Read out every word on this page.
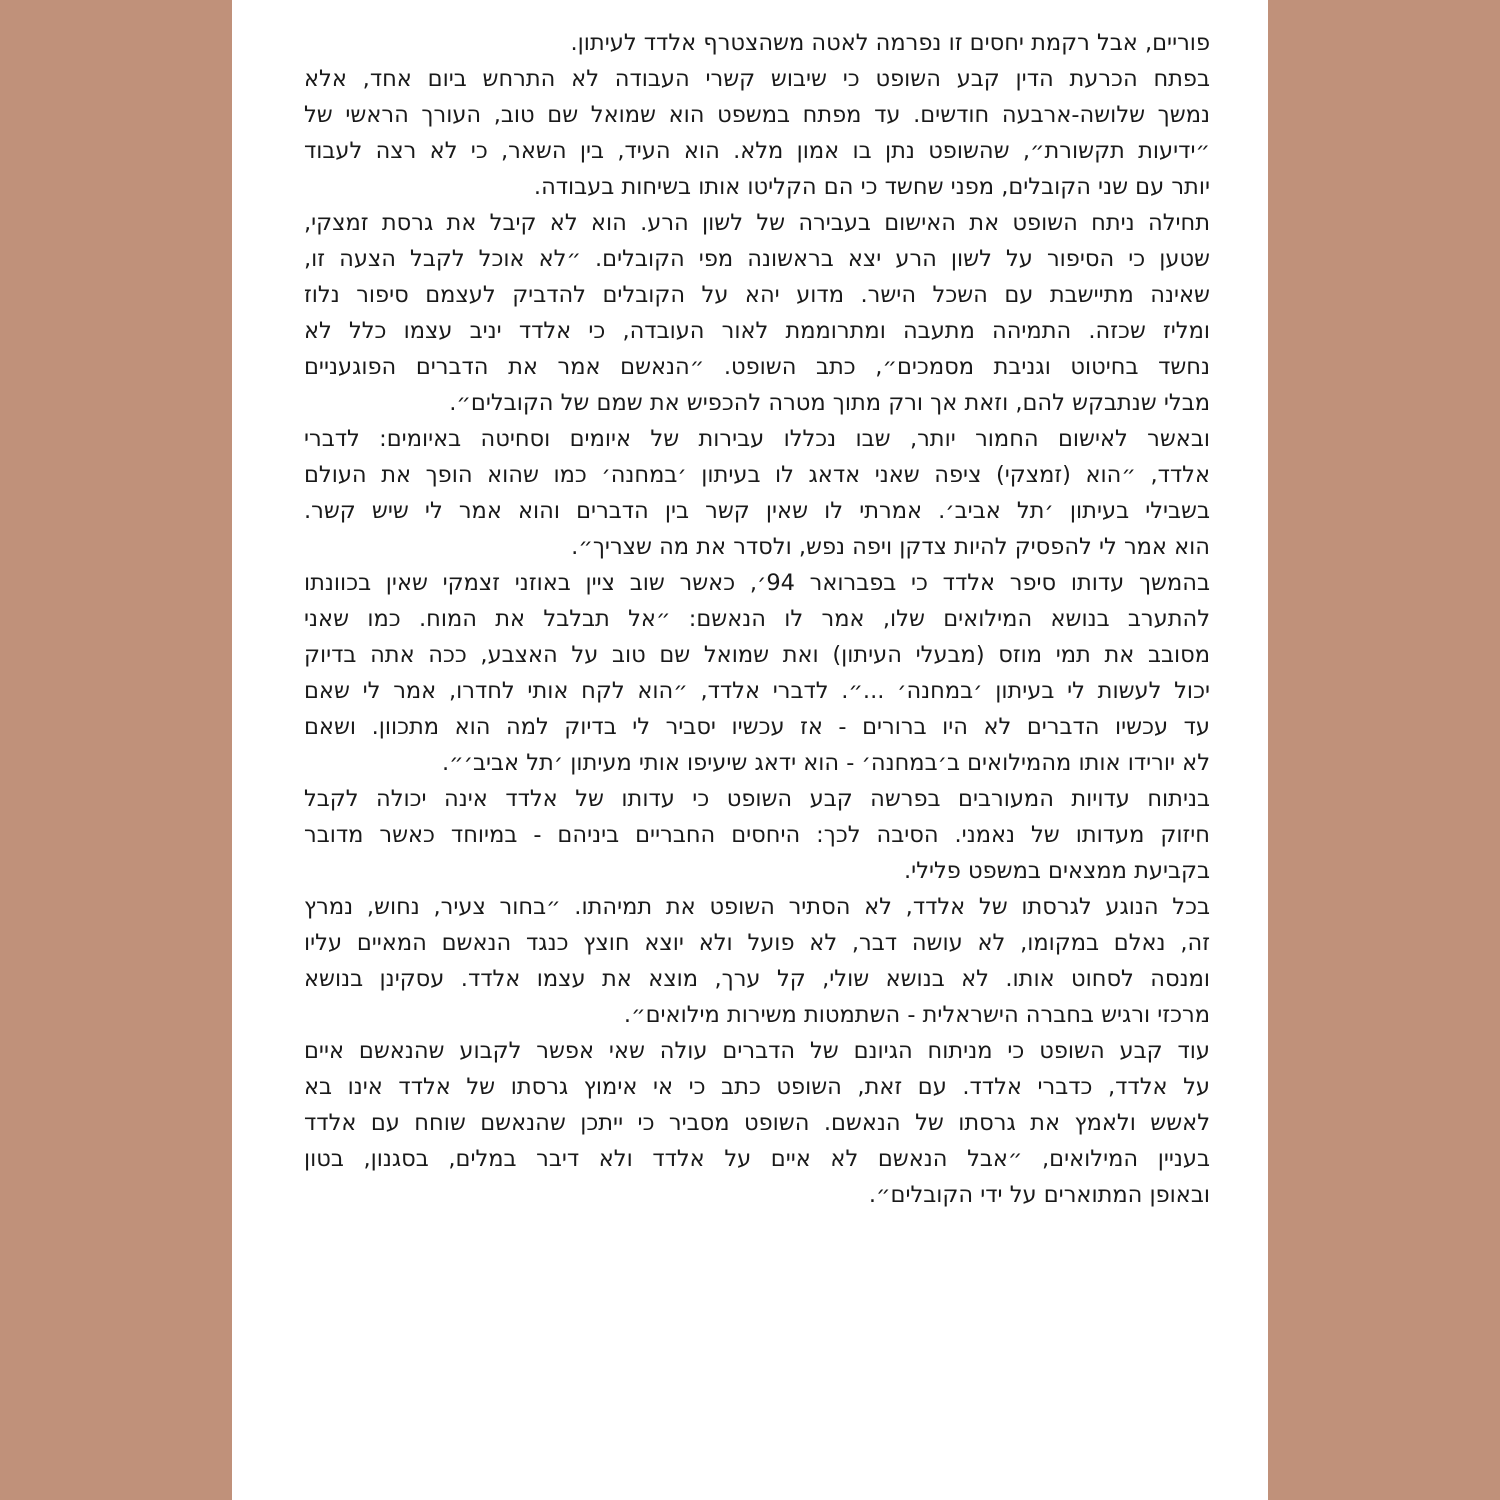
פוריים, אבל רקמת יחסים זו נפרמה לאטה משהצטרף אלדד לעיתון.
בפתח הכרעת הדין קבע השופט כי שיבוש קשרי העבודה לא התרחש ביום אחד, אלא
נמשך שלושה-ארבעה חודשים. עד מפתח במשפט הוא שמואל שם טוב, העורך הראשי של
״ידיעות תקשורת״, שהשופט נתן בו אמון מלא. הוא העיד, בין השאר, כי לא רצה לעבוד
יותר עם שני הקובלים, מפני שחשד כי הם הקליטו אותו בשיחות בעבודה.
תחילה ניתח השופט את האישום בעבירה של לשון הרע. הוא לא קיבל את גרסת זמצקי,
שטען כי הסיפור על לשון הרע יצא בראשונה מפי הקובלים. ״לא אוכל לקבל הצעה זו,
שאינה מתיישבת עם השכל הישר. מדוע יהא על הקובלים להדביק לעצמם סיפור נלוז
ומליז שכזה. התמיהה מתעבה ומתרוממת לאור העובדה, כי אלדד יניב עצמו כלל לא
נחשד בחיטוט וגניבת מסמכים״, כתב השופט. ״הנאשם אמר את הדברים הפוגעניים
מבלי שנתבקש להם, וזאת אך ורק מתוך מטרה להכפיש את שמם של הקובלים״.
ובאשר לאישום החמור יותר, שבו נכללו עבירות של איומים וסחיטה באיומים: לדברי
אלדד, ״הוא (זמצקי) ציפה שאני אדאג לו בעיתון ׳במחנה׳ כמו שהוא הופך את העולם
בשבילי בעיתון ׳תל אביב׳. אמרתי לו שאין קשר בין הדברים והוא אמר לי שיש קשר.
הוא אמר לי להפסיק להיות צדקן ויפה נפש, ולסדר את מה שצריך״.
בהמשך עדותו סיפר אלדד כי בפברואר 94׳, כאשר שוב ציין באוזני זצמקי שאין בכוונתו
להתערב בנושא המילואים שלו, אמר לו הנאשם: ״אל תבלבל את המוח. כמו שאני
מסובב את תמי מוזס (מבעלי העיתון) ואת שמואל שם טוב על האצבע, ככה אתה בדיוק
יכול לעשות לי בעיתון ׳במחנה׳ ...״. לדברי אלדד, ״הוא לקח אותי לחדרו, אמר לי שאם
עד עכשיו הדברים לא היו ברורים - אז עכשיו יסביר לי בדיוק למה הוא מתכוון. ושאם
לא יורידו אותו מהמילואים ב׳במחנה׳ - הוא ידאג שיעיפו אותי מעיתון ׳תל אביב׳״.
בניתוח עדויות המעורבים בפרשה קבע השופט כי עדותו של אלדד אינה יכולה לקבל
חיזוק מעדותו של נאמני. הסיבה לכך: היחסים החבריים ביניהם - במיוחד כאשר מדובר
בקביעת ממצאים במשפט פלילי.
בכל הנוגע לגרסתו של אלדד, לא הסתיר השופט את תמיהתו. ״בחור צעיר, נחוש, נמרץ
זה, נאלם במקומו, לא עושה דבר, לא פועל ולא יוצא חוצץ כנגד הנאשם המאיים עליו
ומנסה לסחוט אותו. לא בנושא שולי, קל ערך, מוצא את עצמו אלדד. עסקינן בנושא
מרכזי ורגיש בחברה הישראלית - השתמטות משירות מילואים״.
עוד קבע השופט כי מניתוח הגיונם של הדברים עולה שאי אפשר לקבוע שהנאשם איים
על אלדד, כדברי אלדד. עם זאת, השופט כתב כי אי אימוץ גרסתו של אלדד אינו בא
לאשש ולאמץ את גרסתו של הנאשם. השופט מסביר כי ייתכן שהנאשם שוחח עם אלדד
בעניין המילואים, ״אבל הנאשם לא איים על אלדד ולא דיבר במלים, בסגנון, בטון
ובאופן המתוארים על ידי הקובלים״.
